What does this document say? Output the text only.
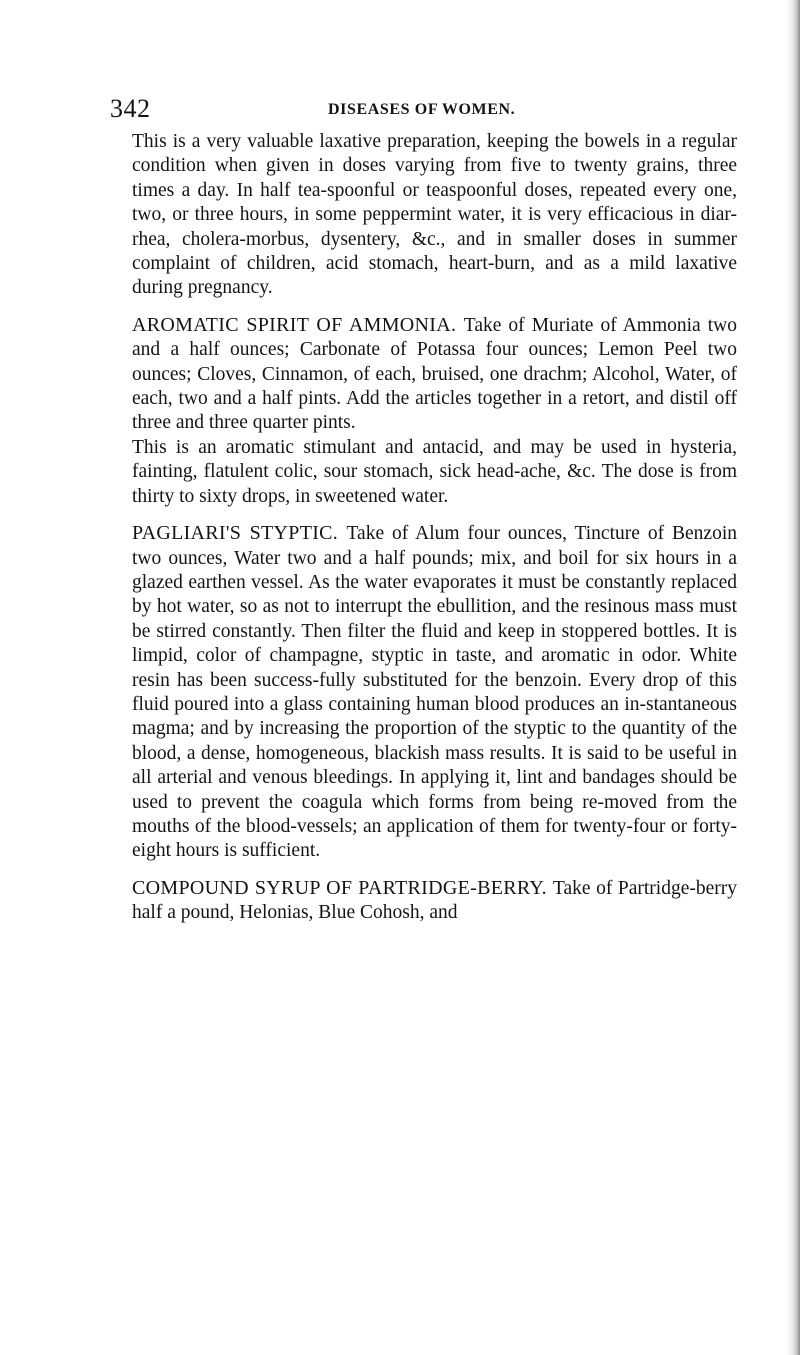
342	DISEASES OF WOMEN.

This is a very valuable laxative preparation, keeping the bowels in a regular condition when given in doses varying from five to twenty grains, three times a day. In half tea-spoonful or teaspoonful doses, repeated every one, two, or three hours, in some peppermint water, it is very efficacious in diar-rhea, cholera-morbus, dysentery, &c., and in smaller doses in summer complaint of children, acid stomach, heart-burn, and as a mild laxative during pregnancy.

AROMATIC SPIRIT OF AMMONIA. Take of Muriate of Ammonia two and a half ounces; Carbonate of Potassa four ounces; Lemon Peel two ounces; Cloves, Cinnamon, of each, bruised, one drachm; Alcohol, Water, of each, two and a half pints. Add the articles together in a retort, and distil off three and three quarter pints.

This is an aromatic stimulant and antacid, and may be used in hysteria, fainting, flatulent colic, sour stomach, sick head-ache, &c. The dose is from thirty to sixty drops, in sweetened water.

PAGLIARI'S STYPTIC. Take of Alum four ounces, Tincture of Benzoin two ounces, Water two and a half pounds; mix, and boil for six hours in a glazed earthen vessel. As the water evaporates it must be constantly replaced by hot water, so as not to interrupt the ebullition, and the resinous mass must be stirred constantly. Then filter the fluid and keep in stoppered bottles. It is limpid, color of champagne, styptic in taste, and aromatic in odor. White resin has been success-fully substituted for the benzoin. Every drop of this fluid poured into a glass containing human blood produces an in-stantaneous magma; and by increasing the proportion of the styptic to the quantity of the blood, a dense, homogeneous, blackish mass results. It is said to be useful in all arterial and venous bleedings. In applying it, lint and bandages should be used to prevent the coagula which forms from being re-moved from the mouths of the blood-vessels; an application of them for twenty-four or forty-eight hours is sufficient.

COMPOUND SYRUP OF PARTRIDGE-BERRY. Take of Partridge-berry half a pound, Helonias, Blue Cohosh, and
